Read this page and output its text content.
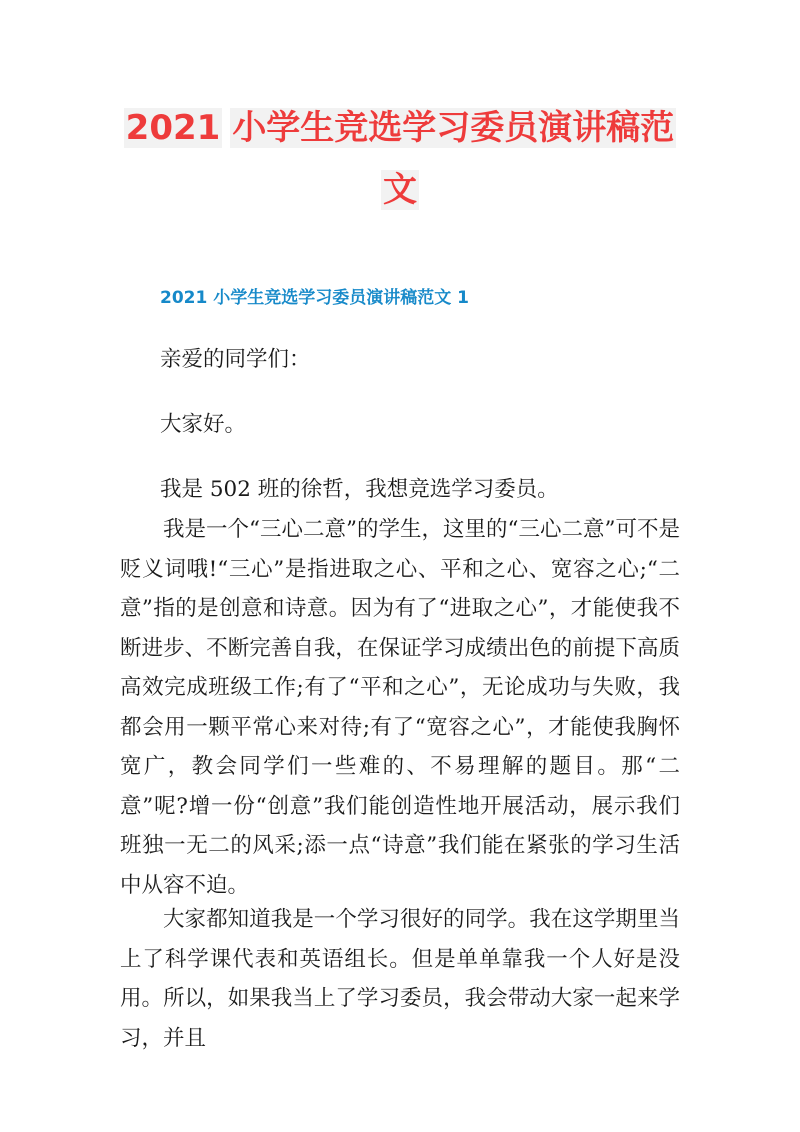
2021 小学生竞选学习委员演讲稿范
文
2021 小学生竞选学习委员演讲稿范文 1
亲爱的同学们：
大家好。
我是 502 班的徐哲，我想竞选学习委员。
我是一个“三心二意”的学生，这里的“三心二意”可不是贬义词哦!“三心”是指进取之心、平和之心、宽容之心;“二意”指的是创意和诗意。因为有了“进取之心”，才能使我不断进步、不断完善自我，在保证学习成绩出色的前提下高质高效完成班级工作;有了“平和之心”，无论成功与失败，我都会用一颗平常心来对待;有了“宽容之心”，才能使我胸怀宽广，教会同学们一些难的、不易理解的题目。那“二意”呢?增一份“创意”我们能创造性地开展活动，展示我们班独一无二的风采;添一点“诗意”我们能在紧张的学习生活中从容不迫。
大家都知道我是一个学习很好的同学。我在这学期里当上了科学课代表和英语组长。但是单单靠我一个人好是没用。所以，如果我当上了学习委员，我会带动大家一起来学习，并且
